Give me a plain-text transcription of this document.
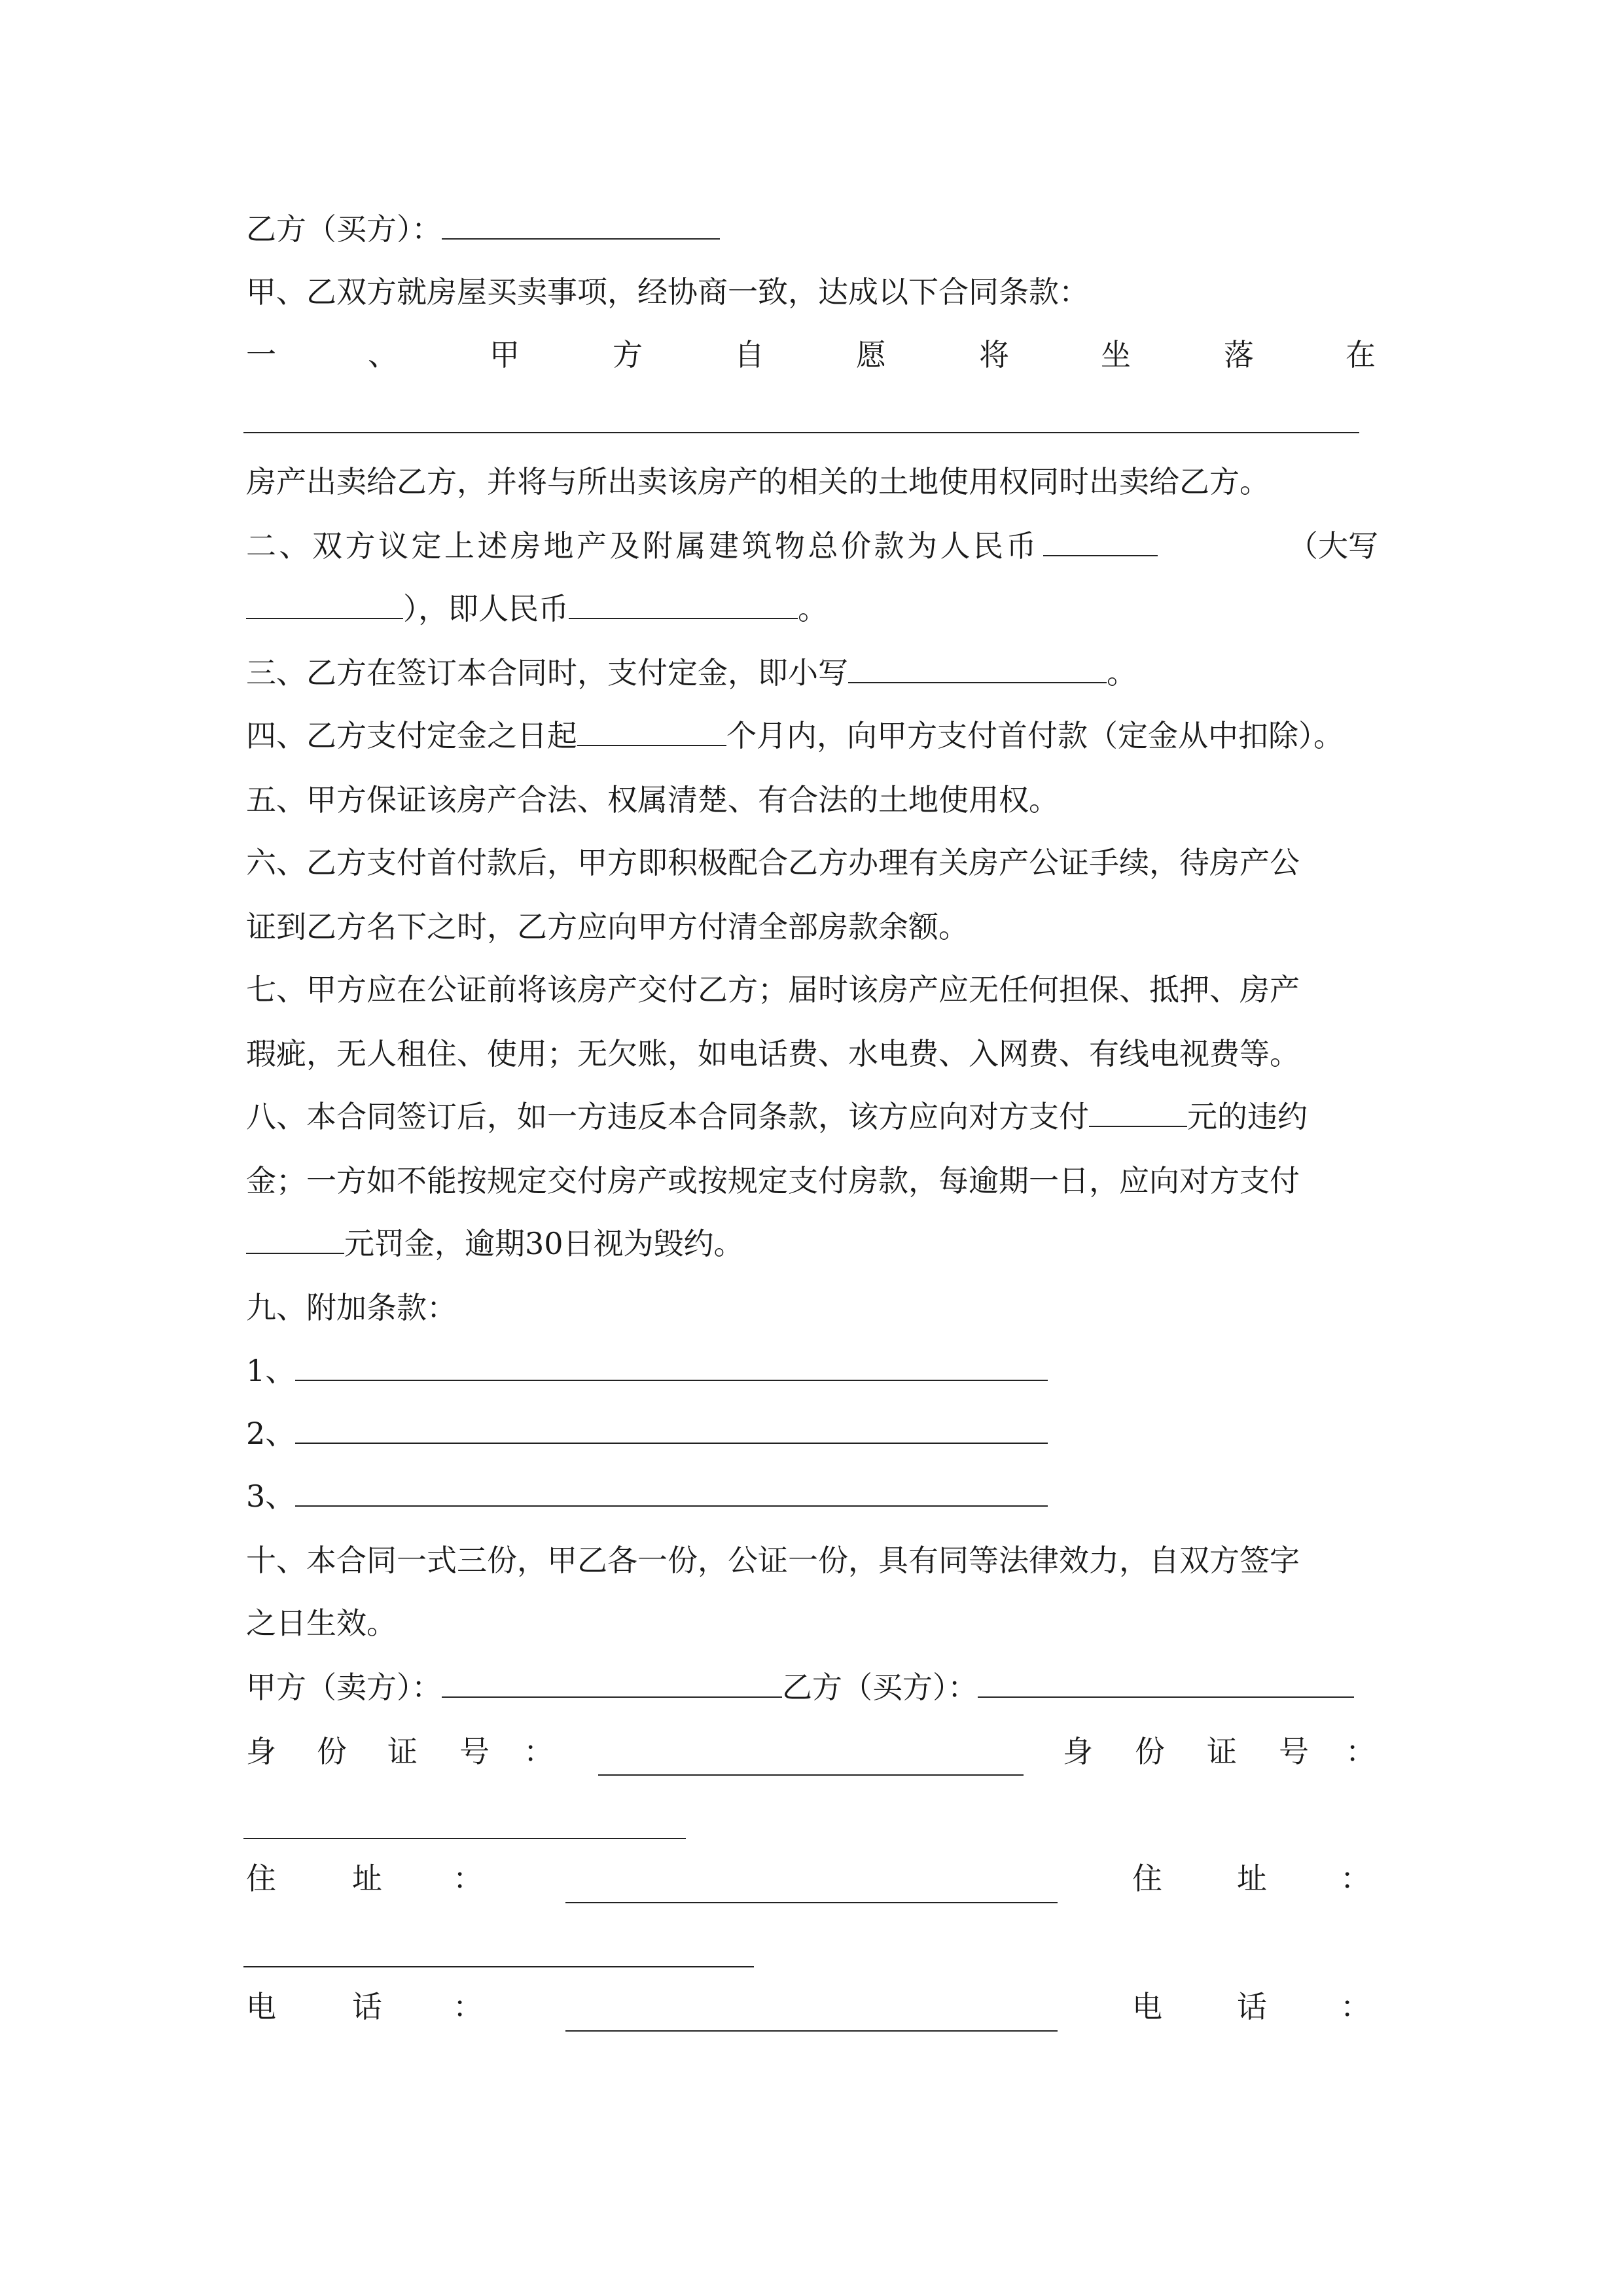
乙方（买方）：
甲、乙双方就房屋买卖事项，经协商一致，达成以下合同条款：
一	、	甲	方	自	愿	将	坐	落	在
房产出卖给乙方，并将与所出卖该房产的相关的土地使用权同时出卖给乙方。
二、双方议定上述房地产及附属建筑物总价款为人民币	（大写
），即人民币	。
三、乙方在签订本合同时，支付定金，即小写	。
四、乙方支付定金之日起	个月内，向甲方支付首付款（定金从中扣除）。
五、甲方保证该房产合法、权属清楚、有合法的土地使用权。
六、乙方支付首付款后，甲方即积极配合乙方办理有关房产公证手续，待房产公
证到乙方名下之时，乙方应向甲方付清全部房款余额。
七、甲方应在公证前将该房产交付乙方；届时该房产应无任何担保、抵押、房产
瑕疵，无人租住、使用；无欠账，如电话费、水电费、入网费、有线电视费等。
八、本合同签订后，如一方违反本合同条款，该方应向对方支付	元的违约
金；一方如不能按规定交付房产或按规定支付房款，每逾期一日，应向对方支付
元罚金，逾期30日视为毁约。
九、附加条款：
1、
2、
3、
十、本合同一式三份，甲乙各一份，公证一份，具有同等法律效力，自双方签字
之日生效。
甲方（卖方）：	乙方（买方）：
身 份 证 号 ：	身 份 证 号 ：
住	址 ：	住 址 ：
电	话 ：	电 话 ：
